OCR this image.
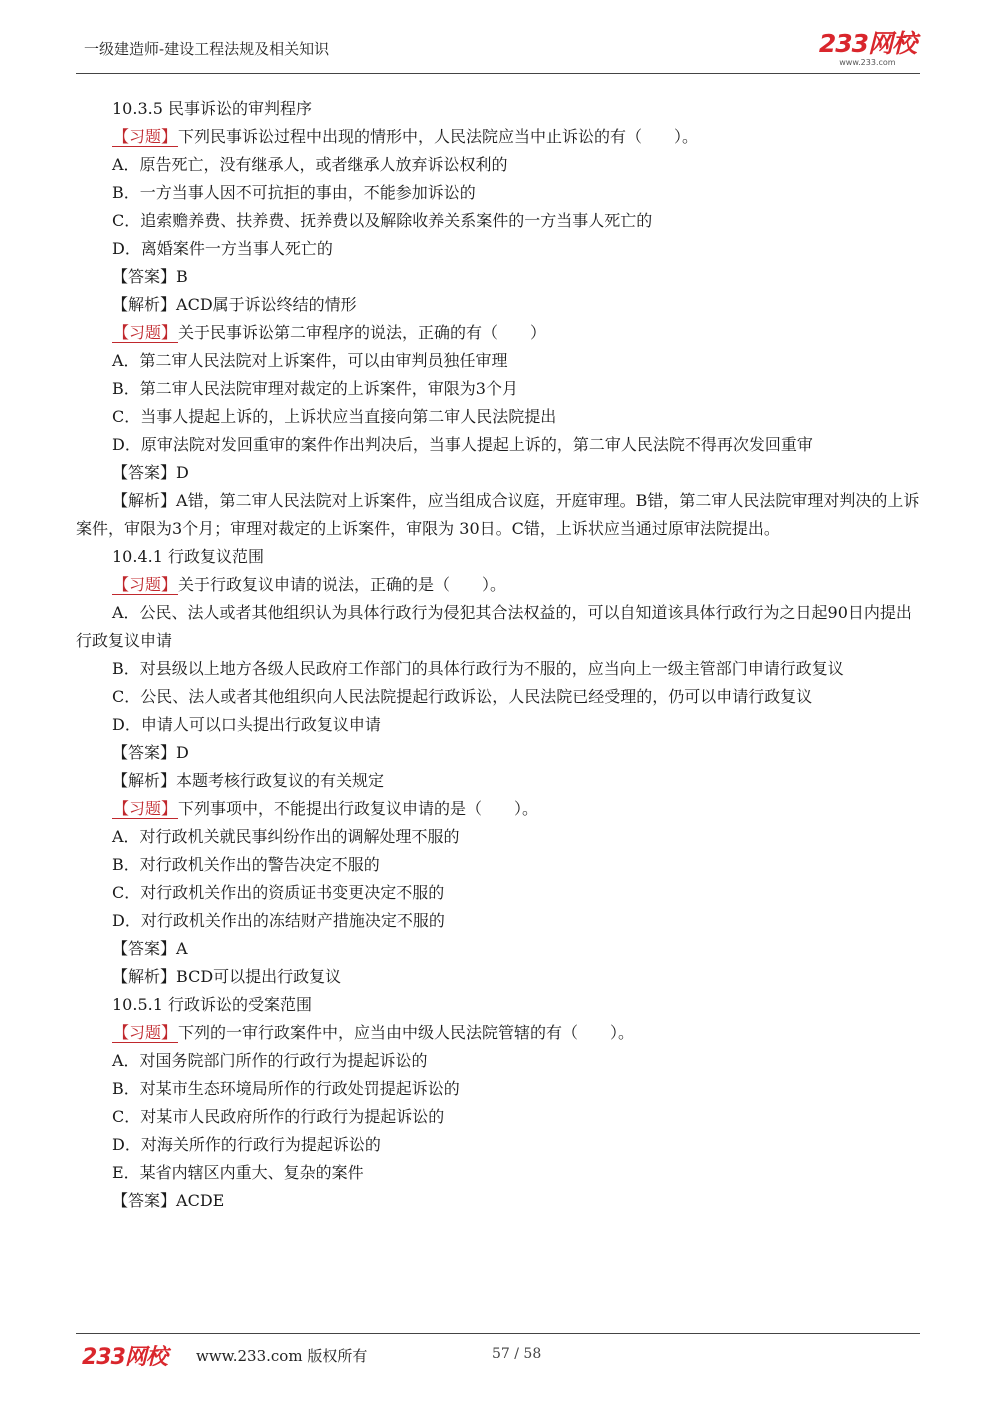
一级建造师-建设工程法规及相关知识	233网校
www.233.com
10.3.5 民事诉讼的审判程序
【习题】下列民事诉讼过程中出现的情形中，人民法院应当中止诉讼的有（　　）。
A．原告死亡，没有继承人，或者继承人放弃诉讼权利的
B．一方当事人因不可抗拒的事由，不能参加诉讼的
C．追索赡养费、扶养费、抚养费以及解除收养关系案件的一方当事人死亡的
D．离婚案件一方当事人死亡的
【答案】B
【解析】ACD属于诉讼终结的情形
【习题】关于民事诉讼第二审程序的说法，正确的有（　　）
A．第二审人民法院对上诉案件，可以由审判员独任审理
B．第二审人民法院审理对裁定的上诉案件，审限为3个月
C．当事人提起上诉的，上诉状应当直接向第二审人民法院提出
D．原审法院对发回重审的案件作出判决后，当事人提起上诉的，第二审人民法院不得再次发回重审
【答案】D
【解析】A错，第二审人民法院对上诉案件，应当组成合议庭，开庭审理。B错，第二审人民法院审理对判决的上诉案件，审限为3个月；审理对裁定的上诉案件，审限为 30日。C错，上诉状应当通过原审法院提出。
10.4.1 行政复议范围
【习题】关于行政复议申请的说法，正确的是（　　）。
A．公民、法人或者其他组织认为具体行政行为侵犯其合法权益的，可以自知道该具体行政行为之日起90日内提出行政复议申请
B．对县级以上地方各级人民政府工作部门的具体行政行为不服的，应当向上一级主管部门申请行政复议
C．公民、法人或者其他组织向人民法院提起行政诉讼，人民法院已经受理的，仍可以申请行政复议
D．申请人可以口头提出行政复议申请
【答案】D
【解析】本题考核行政复议的有关规定
【习题】下列事项中，不能提出行政复议申请的是（　　）。
A．对行政机关就民事纠纷作出的调解处理不服的
B．对行政机关作出的警告决定不服的
C．对行政机关作出的资质证书变更决定不服的
D．对行政机关作出的冻结财产措施决定不服的
【答案】A
【解析】BCD可以提出行政复议
10.5.1 行政诉讼的受案范围
【习题】下列的一审行政案件中，应当由中级人民法院管辖的有（　　）。
A．对国务院部门所作的行政行为提起诉讼的
B．对某市生态环境局所作的行政处罚提起诉讼的
C．对某市人民政府所作的行政行为提起诉讼的
D．对海关所作的行政行为提起诉讼的
E．某省内辖区内重大、复杂的案件
【答案】ACDE
233网校 www.233.com 版权所有	57 / 58
